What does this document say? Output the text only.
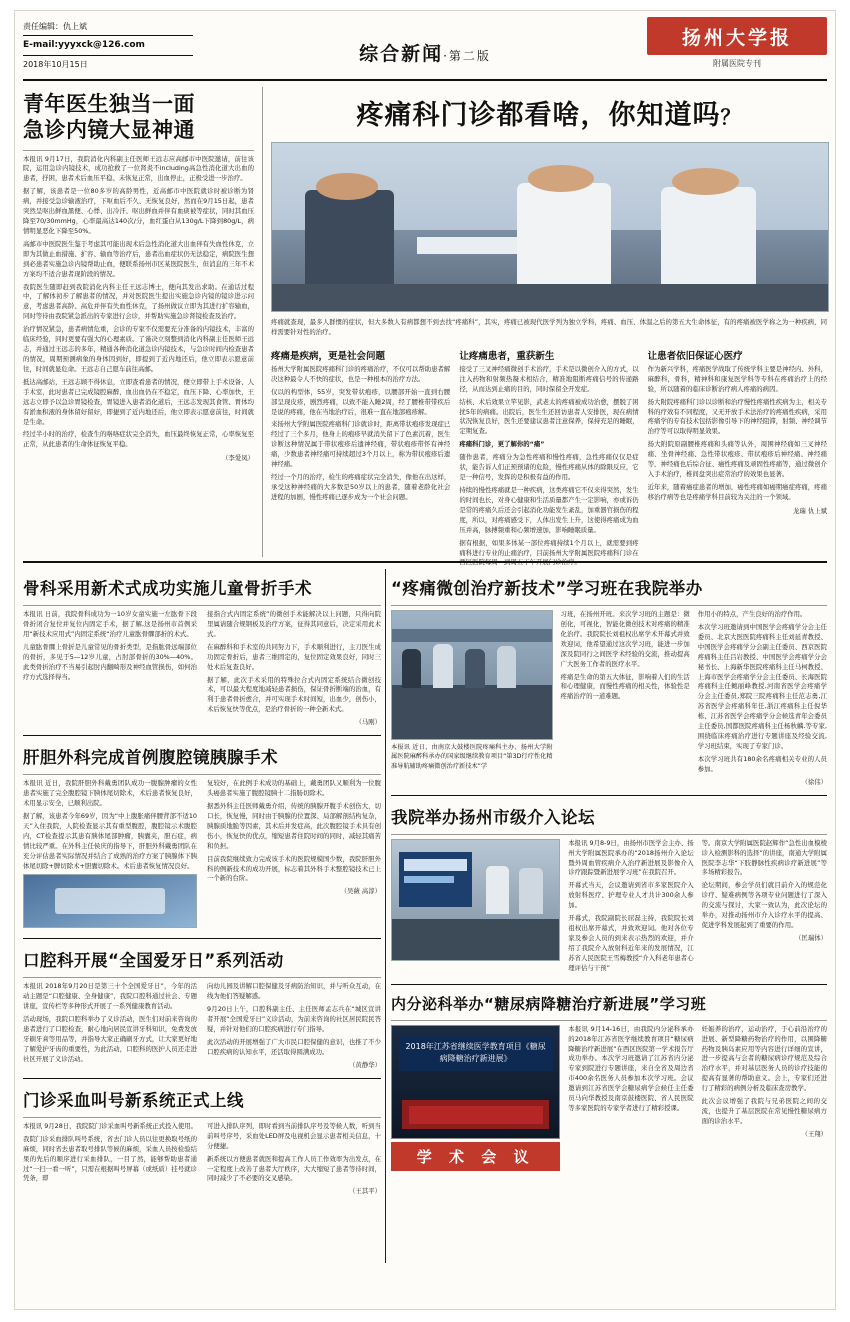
责任编辑：仇上斌
E-mail:yyyxck@126.com
2018年10月15日	综合新闻·第二版
扬州大学报
附属医院专刊
青年医生独当一面
急诊内镜大显神通

本报讯 9月17日，我院消化内科副主任医师王远志应高邮市中医院邀请，前往该院，运用急诊内镜技术，成功抢救了一位肾炎不including高急性消化道大出血的患者，抒困，患者术后血压平稳、未恢复正常，出血停止，正极受进一步治疗。

据了解，该患者是一位80多岁的高龄男性，近高邮市中医院就诊时被诊断为肾病，并接受急诊输液治疗，下呕血后不久、无恢复良好，然而在9月15日起，患者突然呈呕出鲜血黑便、心悸、出冷汗、呕出鲜血并伴有血痰被等症状，同时其血压降至70/30mmHg，心率最高达140次/分，血红蛋白从130g/L下降到80g/L，病情明显恶化下降至50%。

高邮市中医院医生鉴于考虑其可能出现术后急性消化道大出血伴有失血性休克，立即为其做止血措施、扩容、输血等治疗后，患者出血症状仍无法稳定，病院医生想到必患者实施急诊内镜帮助止血，便联系扬州市区某医院医生，但消息的三年不术方案均不适合患者现阶段的情况。

我院医生随即赶到我院消化内科主任王远志博士，便向其发出求助。在通话过程中，了解体初步了解患者的情况，并对医院医生提出实施急诊内镜的镜诊进示问意，考虑患者高龄、高危并伴有失血性休克，了扬州做议立即为其进行扩容输血，同时等待由我院紧急派出的专家进行会诊，并帮助实施急诊肾镜检查及治疗。

治疗情况紧急，患者病情危重，会诊的专家不仅需要充分准备的内镜技术，丰富的临床经验，同时更要有强大的心理素质。了谨决立刻整到消化内科副主任医师王远志，并通过王远志的多年，精通各种消化道急诊内镜技术，与急诊时间内检查患者的情况，周期预测病象的身体因到好，即提到了近内地还后，他立即表示愿意前往，时间就显危命。王远志自己愿车前往高邮。

抵达高邮站，王远志顾不得休息，立即查看患者的情况，便立即带上手术设备、人手术室，此时患者已完成镜腔麻醉，血出血仍在不稳定，血压下降、心率加快，王远志立即予以急诊胃镜检查，胃镜进入患者消化道后，王远志发现其食管、胃体均有淤血积液的身体留好留好，即捷到了近内地还后，他立即表示愿意前往，时间就是生命。

经过半小时的治疗，检查生的咯咯症状完全消失，血压最终恢复正常，心率恢复至正常，从此患者的生命体征恢复平稳。

（李爱凤）
疼痛科门诊都看啥，你知道吗？
疼痛就查现，最多人群惯的症状，但大多数人有病都想不到去找“疼痛科”，其实，疼痛已被现代医学列为独立学科，疼痛、血压、体温之后的第五大生命体征，有的疼痛被医学称之为一种疾病，同样需要针对性的治疗。
疼痛是疾病，更是社会问题

扬州大学附属医院疼痛科门诊的疼痛治疗，不仅可以帮助患者解决这种最令人不快的症状，也是一种根本的治疗方法。

仅以的构型体，55岁，突发带状疱疹，以腰部开始一直到右腰部呈现皮疹，剧烈疼痛，以致不能入睡2周，经了腰椎带带疾后是说的疼痛，他在当地治疗后，很难一直在地部疱疹解。

来扬州大学附属医院疼痛科门诊就诊时，距离带状疱疹发现症已经过了三个多月，他身上的疱疹早就消失留下了色素沉着，医生诊断这种情况属于带状疱疹后遗神经痛，带状疱疹带怀有神经痛，少数患者神经痛可持续超过3个月以上，称为带状疱疹后遗神经痛。

经过一个月的治疗，检生的疼痛症状完全消失，像他在出这样，承受这种神经痛的大多数是50岁以上的患者，随着老龄化社会进程的加剧，慢性疼痛已逐步成为一个社会问题。

让疼痛患者，重获新生

接受了三叉神经痛微创手术治疗，手术是以微创介入的方式，以注入药物和射频热凝术相结合，精准地阻断疼痛信号的传递路径，从而达到止痛的目的，同时保留全开发症。

结核、术后效果立竿见影，武老太的疼痛被成功治愈，摆脱了困扰5年的病痛。出院后，医生生还回访患者人安排医，现在病情状况恢复良好，医生还要建议患者注意保养，保持充足的睡眠，定期复查。

疼痛科门诊，更了解你的“痛”

随作患者，疼痛分为急性疼痛和慢性疼痛，急性疼痛仅仅是症状，能告诉人们正预预诸的危险，慢性疼痛从体的除限反应，它是一种信号，发挥的是积极有益的作用。

持续的慢性疼痛就是一种疾病，这类疼痛它不仅来得突然，发生的时间也长，对身心健康和生活质量都产生一定影响，亦或诉仍是常的疼痛久后还会引起消化功能发生紊乱，加重器官损伤的程度，所以，对疼痛感受下，人体出发生上升，这使得疼痛成为血压并高，脉搏频重和心频增速加，影响睡眠质量。

据有根据，如果多体某一部位疼痛持续1个月以上，就需要到疼痛科进行专业的止痛治疗，目前扬州大学附属医院疼痛科门诊在西区医院每周一到周五下午开展门诊治疗。

让患者依旧保证心医疗

作为新兴学科，疼痛医学战取了传统学科主要是神经内、外科，麻醉科，骨科，精神科和康复医学科等专科在疼痛治疗上的经验，所以随着的临床诊断治疗病人疼痛的病因。

扬大附院疼痛科门诊以诊断和治疗慢性疼痛性疾病为主，相关专科的疗效有不同程度，又无开放手术法治疗的疼痛性疾病，采用疼痛学的专有技术包括影像引导下的神经阻滞，射频、神经调节治疗等可以取得明显效果。

扬大附院原副腰椎疼痛和头痛等认外，周围神经痛如三叉神经痛、坐骨神经痛、急性带状疱疹、带状疱疹后神经痛、神经痛等，神经痛也后综合征、癌性疼痛及顽固性疼痛等，通过微创介入手术治疗，椎间盘突出症常治疗的效果也显著。

近年来，随着癌症患者的增加，癌性疼痛如癌期癌症疼痛，疼痛移治疗病等也是疼痛学科目前较为关注的一个领域。

龙瑞 仇上斌
骨科采用新术式成功实施儿童骨折手术

本报讯 日前，我院骨科成功为一10岁女童实施一左肱骨下段骨折闭合复位并复位内固定手术，据了解,这是扬州市首例采用“新技术应用式”内固定系统“治疗儿童肱骨髁部折的术式。

儿童肱骨髁上骨折是儿童常见的骨折类型，是指肱骨远端部位的骨折，多见于5—12岁儿童，占肘部骨折的30%—40%。此类骨折治疗不当易引起肘内翻畸形及神经血管损伤，如何治疗方式选择得当。

接指合式内固定系统”的微创手术能解决以上问题，只得向院里属请随合规钢板及治疗方案，征得其同意后，决定采用此术式。

在麻醉科和手术室的共同努力下，手术顺利进行，主刀医生成功固定骨折后，患者三维固定的，复位固定效果良好，同时三处术后复查良好。

据了解，此次手术采用的特殊拉合式内固定系统结合微创技术，可以最大程度地减轻患者损伤，保证骨折断端的治血，有利于患者骨折愈合，并可实现手术时间短，出血少，创伤小，术后恢复快等优点，是治疗骨折的一种全新术式。

（马刚）
肝胆外科完成首例腹腔镜胰腺手术

本报讯 近日，我院肝胆外科戴勇团队成功一腹腺肿瘤的女性患者实施了完全腹腔镜下胰体尾切除术，术后患者恢复良好，术用显示安全，已顺利出院。

据了解，该患者今年69岁，因为“中上腹胀痛伴腰背部不适10天”入住我院，人院检查显示其有重型腹腔，腹腔镜示术腹腔内，CT检查提示其患有胰体尾部肿瘤，胰囊夹，胆石症，病情比较严重。在外科主任侯庆的指导下，肝胆外科戴勇团队在充分评估患者实际情况并结合了成熟的治疗方案了胰腺体下胰体尾切除+脾切除术+胆囊切除术。术后患者恢复情况良好。

复较好，在此例手术成功的基础上，戴勇团队又顺利为一位腹头癌患者实施了腹腔镜胰十二指肠切除术。

据悉外科主任医师戴勇介绍，传统的胰腺开腹手术创伤大，切口长，恢复慢，同时由于胰腺的位置深、局部解剖结构复杂，胰腺质地脆等因素，其术后并发症高，此次腹腔镜手术具有创伤小，恢复快的优点，缩短患者住院时间的同时，减轻其痛苦和负担。

目前我院继续致力完成该手术的医院规模国少数，我院肝胆外科的例新技术的成功开展，标志着其外科手术整腔镜技术已上一个新的台阶。

（吴薇 高淳）
口腔科开展“全国爱牙日”系列活动

本报讯 2018年9月20日是第三十个全国爱牙日”，今年的活动主题是“口腔健康、全身健康”，我院口腔科通过社会、专题讲座，宣传栏等多种形式开展了一系列健康教育活动。

活动现场，我院口腔科举办了义诊活动，医生们对前来咨询的患者进行了口腔检查，耐心地向居民宣讲牙科知识，免费发放牙刷牙膏等用品等，并指导大家正确刷牙方式，让大家更好地了解爱护牙齿的重要性，为此活动，口腔科的医护人员还走进社区开展了义诊活动。

向幼儿园及讲解口腔保健及牙病防治知识，并与听众互动，在线为他们答疑解惑。

9月20日上午，口腔科副主任、主任医师孟志兵在“城区宣讲者开展“全国爱牙日”义诊活动，为前来咨询的社区居民院民答疑，并针对他们的口腔疾病进行专门指导。

此次活动的开展增强了广大市民口腔保健的意识，也推了不少口腔疾病的认知水平，还活取得圆满成功。

（黄静华）
门诊采血叫号新系统正式上线

本报讯 9月28日，我院院门诊采血叫号新系统正式投入使用。

我院门诊采血排队叫号系统，省去门诊人员以往更换取号纸的麻烦，同时省去患者取号排队等候的麻烦，采血人员按检验结果的先后的顺序进行采血排队，一目了然，能够帮助患者通过“一扫一看一听”，只需在根据叫号屏幕（或纸质）挂号就诊凭条，即

可进入排队序列，即时看到当前排队序号及等候人数，听到当前叫号序号，采血处LED屏及电视机会显示患者相关信息，十分便捷。

新系统以方便患者就医和提高工作人员工作效率为出发点，在一定程度上改善了患者大厅秩序，大大缩短了患者等待时间，同时减少了不必要的交叉感染。

（王其平）
“疼痛微创治疗新技术”学习班在我院举办
本报讯 近日，由南京大鼓楼医院疼痛科主办、扬州大学附属医院麻醉科承办的国家级继续教育项目“第3D行疗性化精准导航辅助疼痛微创治疗新技术”学

习班，在扬州开班。来次学习班的主题是：微创化，可视化，智能化微创技术对疼痛的精准化治疗。我院院长刘祖权出席学术开幕式并致欢迎词，他希望通过这次学习班，能进一步加深及院同行之间医学术经验的交流，推动提高广大医务工作者的医疗水平。

疼痛是生命的第五大体征，影响着人们的生活和心理健康，而慢性疼痛的相关性，体验性是疼痛治疗的一道难题。

作用小的特点，产生良好的治疗作用。

本次学习班邀请到中国医学会疼痛学分会主任委员、北京大医医院疼痛科主任刘延青教授、中国医学会疼痛学分会副主任委员、西京医院疼痛科主任吕岩教授、中国医学会疼痛学分会秘书长、上海新华医院疼痛科主任马柯教授、上海市医学会疼痛学分会主任委员、长海医院疼痛科主任鲍丽峰教授,河南省医学会疼痛学分会主任委员,郑院三院疼痛科主任范志勇,江苏省医学会疼痛科年任,浙江疼痛科主任倪华栋、江苏省医学会疼痛学分会候选青年会委员主任委员,国都医院疼痛科主任杨秋麟.等专家,围绕临床疼痛治疗进行专题讲座及经验交流,学习班结束，实现了专家门诊。

本次学习班共有180余名疼痛相关专业的人员参加。

（徐伟）
我院举办扬州市级介入论坛

本报讯 9月8-9日，由扬州市医学会主办、扬州大学附属医院承办的“2018扬州介入论坛暨外周血管疾病介入治疗新进展及影像介入诊疗跟踪暨新进展学习班”在我院召开。

开幕式当天，会议邀请到省市多家医院介入放射科医疗、护理专业人才共计300余人参加。

开幕式，我院副院长屈磊主持，我院院长刘祖权出席开幕式，并致欢迎词。他对各位专家及参会人员的到来表示热烈的欢迎，并介绍了我院介入放射科近年来的发展情况，江苏省人民医院王雪梅教授“介入科老年患者心理评估与干预”

等。南京大学附属医院赵辉作“急性出血模棱诊入检测影科的选择”的讲座，南通大学附属医院李志华“下肢静脉性疾病诊疗新进展”等多场精彩报告。

论坛期间，参会学员们就目前介入的规范化诊疗、疑难病例等各项专业问题进行了深入的交流与探讨，大家一致认为，此次论坛的举办，对推动扬州市介入诊疗水平的提高、促进学科发展起到了重要的作用。

（匡瑞体）
内分泌科举办“糖尿病降糖治疗新进展”学习班
2018年江苏省继续医学教育项目《糖尿病降糖治疗新进展》
学 术 会 议

本报讯 9月14-16日，由我院内分泌科承办的2018年江苏省医学继续教育项目“糖尿病降糖治疗新进展”在西区医院第一学术报告厅成功举办。本次学习班邀请了江苏省内分泌专家到院进行专题讲座，来自全省及周边省市400余名医务人员参加本次学习班。会议邀请到江苏省医学会糖尿病学会候任主任委员马向华教授及南京鼓楼医院、省人民医院等多家医院的专家学者进行了精彩授课。

妊娠养的治疗，运动治疗，于心前沿治疗的进展、新型降糖药物治疗的作用，以围降糖药物及胰岛素应用等内容进行详细的宣讲，进一步提高与会者的糖尿病诊疗规范及综合治疗水平，并对基层医务人员的诊疗技能的提高有显著的帮助意义。会上，专家们还进行了精彩的病例分析及临床查房教学。

此次会议增强了我院与兄弟医院之间的交流，也提升了基层医院在常见慢性糖尿病方面的诊治水平。

（王翔）
